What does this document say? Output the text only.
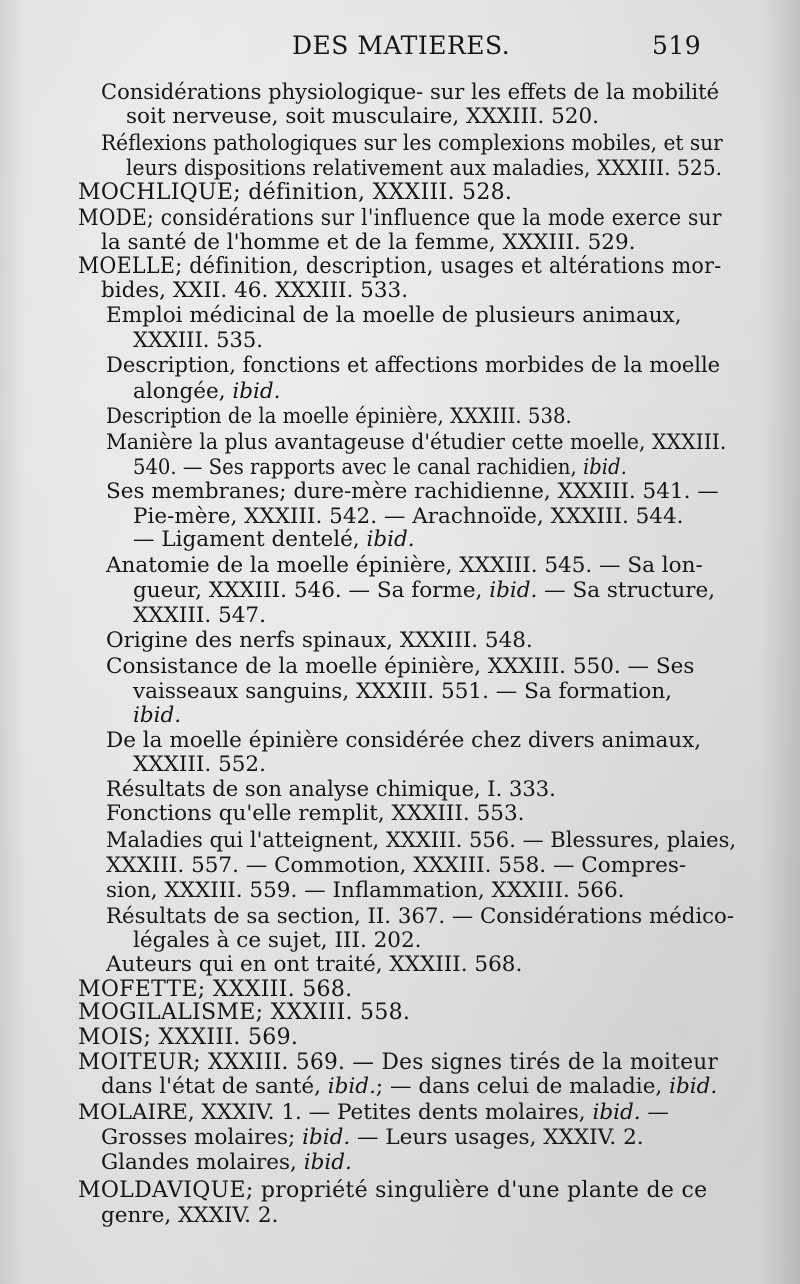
DES MATIERES.	519
Considérations physiologique- sur les effets de la mobilité
soit nerveuse, soit musculaire, XXXIII. 520.
Réflexions pathologiques sur les complexions mobiles, et sur
leurs dispositions relativement aux maladies, XXXIII. 525.
MOCHLIQUE; définition, XXXIII. 528.
MODE; considérations sur l'influence que la mode exerce sur
la santé de l'homme et de la femme, XXXIII. 529.
MOELLE; définition, description, usages et altérations mor-
bides, XXII. 46. XXXIII. 533.
Emploi médicinal de la moelle de plusieurs animaux,
XXXIII. 535.
Description, fonctions et affections morbides de la moelle
alongée, ibid.
Description de la moelle épinière, XXXIII. 538.
Manière la plus avantageuse d'étudier cette moelle, XXXIII.
540. — Ses rapports avec le canal rachidien, ibid.
Ses membranes; dure-mère rachidienne, XXXIII. 541. —
Pie-mère, XXXIII. 542. — Arachnoïde, XXXIII. 544.
— Ligament dentelé, ibid.
Anatomie de la moelle épinière, XXXIII. 545. — Sa lon-
gueur, XXXIII. 546. — Sa forme, ibid. — Sa structure,
XXXIII. 547.
Origine des nerfs spinaux, XXXIII. 548.
Consistance de la moelle épinière, XXXIII. 550. — Ses
vaisseaux sanguins, XXXIII. 551. — Sa formation,
ibid.
De la moelle épinière considérée chez divers animaux,
XXXIII. 552.
Résultats de son analyse chimique, I. 333.
Fonctions qu'elle remplit, XXXIII. 553.
Maladies qui l'atteignent, XXXIII. 556. — Blessures, plaies,
XXXIII. 557. — Commotion, XXXIII. 558. — Compres-
sion, XXXIII. 559. — Inflammation, XXXIII. 566.
Résultats de sa section, II. 367. — Considérations médico-
légales à ce sujet, III. 202.
Auteurs qui en ont traité, XXXIII. 568.
MOFETTE; XXXIII. 568.
MOGILALISME; XXXIII. 558.
MOIS; XXXIII. 569.
MOITEUR; XXXIII. 569. — Des signes tirés de la moiteur
dans l'état de santé, ibid.; — dans celui de maladie, ibid.
MOLAIRE, XXXIV. 1. — Petites dents molaires, ibid. —
Grosses molaires; ibid. — Leurs usages, XXXIV. 2.
Glandes molaires, ibid.
MOLDAVIQUE; propriété singulière d'une plante de ce
genre, XXXIV. 2.
